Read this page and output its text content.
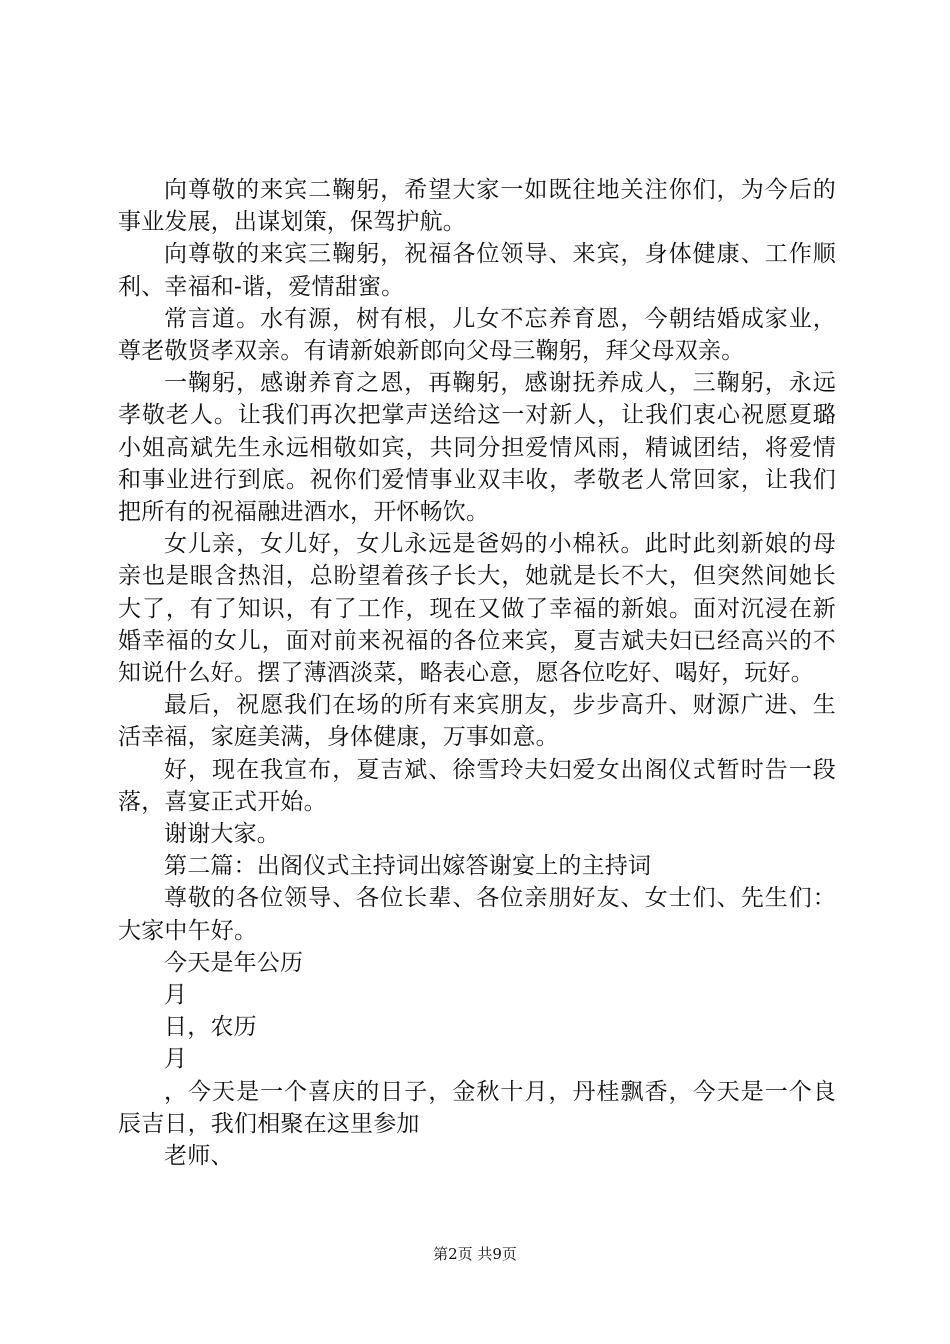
向尊敬的来宾二鞠躬，希望大家一如既往地关注你们，为今后的事业发展，出谋划策，保驾护航。

向尊敬的来宾三鞠躬，祝福各位领导、来宾，身体健康、工作顺利、幸福和-谐，爱情甜蜜。

常言道。水有源，树有根，儿女不忘养育恩，今朝结婚成家业，尊老敬贤孝双亲。有请新娘新郎向父母三鞠躬，拜父母双亲。

一鞠躬，感谢养育之恩，再鞠躬，感谢抚养成人，三鞠躬，永远孝敬老人。让我们再次把掌声送给这一对新人，让我们衷心祝愿夏璐小姐高斌先生永远相敬如宾，共同分担爱情风雨，精诚团结，将爱情和事业进行到底。祝你们爱情事业双丰收，孝敬老人常回家，让我们把所有的祝福融进酒水，开怀畅饮。

女儿亲，女儿好，女儿永远是爸妈的小棉袄。此时此刻新娘的母亲也是眼含热泪，总盼望着孩子长大，她就是长不大，但突然间她长大了，有了知识，有了工作，现在又做了幸福的新娘。面对沉浸在新婚幸福的女儿，面对前来祝福的各位来宾，夏吉斌夫妇已经高兴的不知说什么好。摆了薄酒淡菜，略表心意，愿各位吃好、喝好，玩好。

最后，祝愿我们在场的所有来宾朋友，步步高升、财源广进、生活幸福，家庭美满，身体健康，万事如意。

好，现在我宣布，夏吉斌、徐雪玲夫妇爱女出阁仪式暂时告一段落，喜宴正式开始。

谢谢大家。

第二篇：出阁仪式主持词出嫁答谢宴上的主持词

尊敬的各位领导、各位长辈、各位亲朋好友、女士们、先生们：大家中午好。

今天是年公历

月

日，农历

月

，今天是一个喜庆的日子，金秋十月，丹桂飘香，今天是一个良辰吉日，我们相聚在这里参加

老师、

第2页 共9页
